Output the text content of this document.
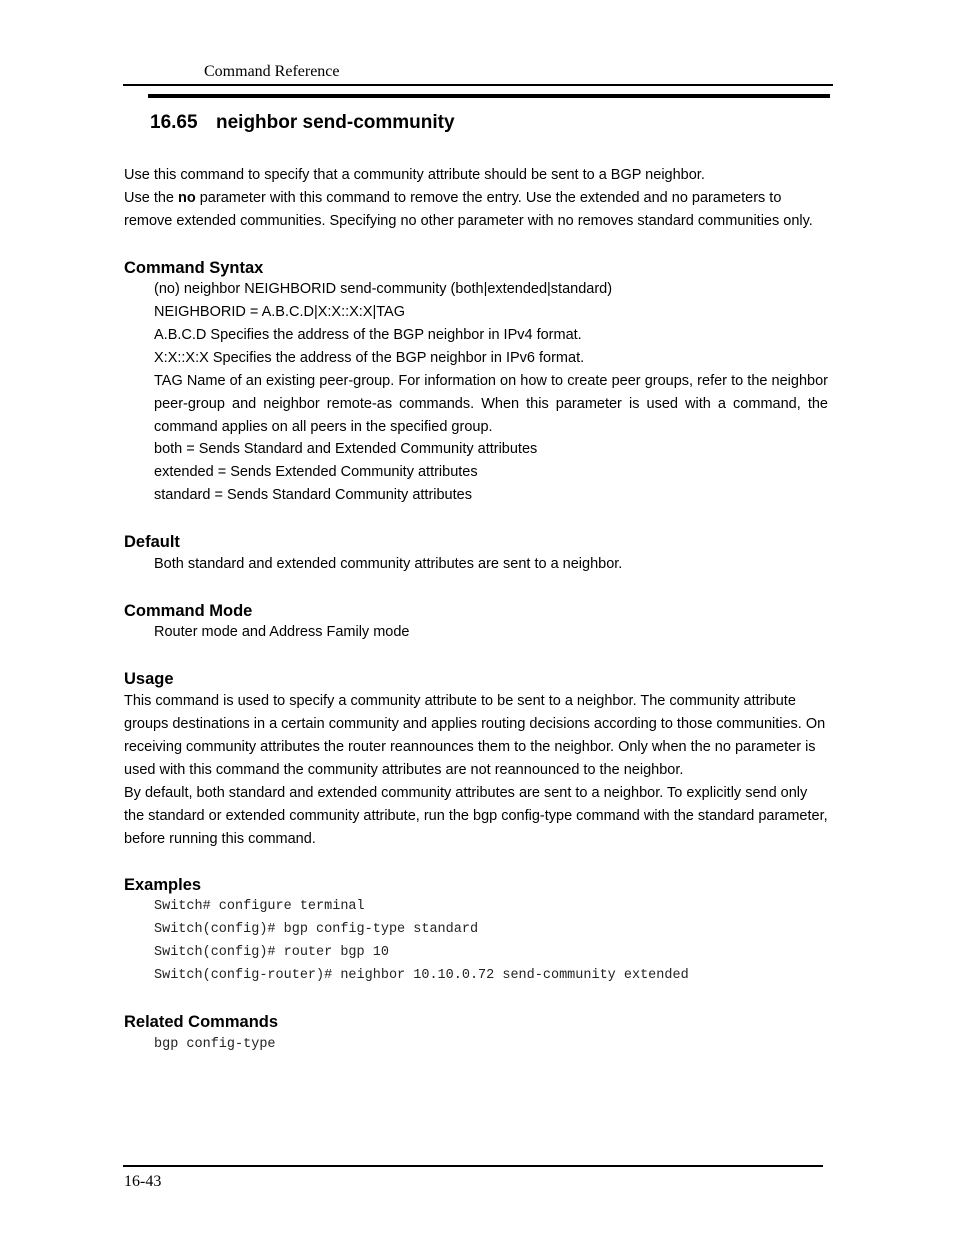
Command Reference
16.65 neighbor send-community
Use this command to specify that a community attribute should be sent to a BGP neighbor.
Use the no parameter with this command to remove the entry. Use the extended and no parameters to
remove extended communities. Specifying no other parameter with no removes standard communities only.
Command Syntax
(no) neighbor NEIGHBORID send-community (both|extended|standard)
NEIGHBORID = A.B.C.D|X:X::X:X|TAG
A.B.C.D Specifies the address of the BGP neighbor in IPv4 format.
X:X::X:X Specifies the address of the BGP neighbor in IPv6 format.
TAG Name of an existing peer-group. For information on how to create peer groups, refer to the neighbor peer-group and neighbor remote-as commands. When this parameter is used with a command, the command applies on all peers in the specified group.
both = Sends Standard and Extended Community attributes
extended = Sends Extended Community attributes
standard = Sends Standard Community attributes
Default
Both standard and extended community attributes are sent to a neighbor.
Command Mode
Router mode and Address Family mode
Usage
This command is used to specify a community attribute to be sent to a neighbor. The community attribute
groups destinations in a certain community and applies routing decisions according to those communities. On
receiving community attributes the router reannounces them to the neighbor. Only when the no parameter is
used with this command the community attributes are not reannounced to the neighbor.
By default, both standard and extended community attributes are sent to a neighbor. To explicitly send only
the standard or extended community attribute, run the bgp config-type command with the standard parameter,
before running this command.
Examples
Switch# configure terminal
Switch(config)# bgp config-type standard
Switch(config)# router bgp 10
Switch(config-router)# neighbor 10.10.0.72 send-community extended
Related Commands
bgp config-type
16-43
